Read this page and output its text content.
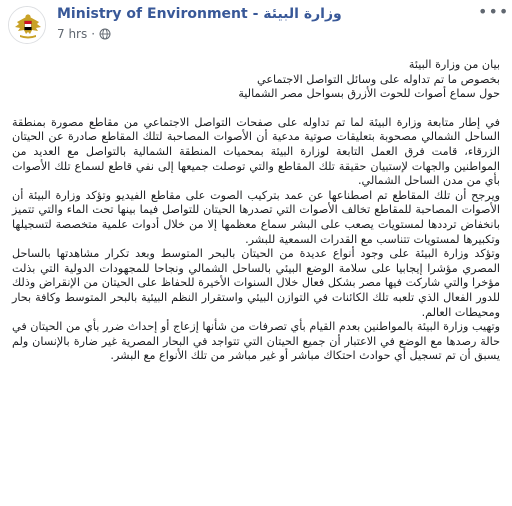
Ministry of Environment - وزارة البيئة
7 hrs ·
•••

بيان من وزارة البيئة

بخصوص ما تم تداوله على وسائل التواصل الاجتماعي

حول سماع أصوات للحوت الأزرق بسواحل مصر الشمالية

في إطار متابعة وزارة البيئة لما تم تداوله على صفحات التواصل الاجتماعي من مقاطع مصورة بمنطقة الساحل الشمالي مصحوبة بتعليقات صوتية مدعية أن الأصوات المصاحبة لتلك المقاطع صادرة عن الحيتان الزرقاء، قامت فرق العمل التابعة لوزارة البيئة بمحميات المنطقة الشمالية بالتواصل مع العديد من المواطنين والجهات لإستبيان حقيقة تلك المقاطع والتي توصلت جميعها إلى نفي قاطع لسماع تلك الأصوات بأي من مدن الساحل الشمالي.

ويرجح أن تلك المقاطع تم اصطناعها عن عمد بتركيب الصوت على مقاطع الفيديو وتؤكد وزارة البيئة أن الأصوات المصاحبة للمقاطع تخالف الأصوات التي تصدرها الحيتان للتواصل فيما بينها تحت الماء والتي تتميز بانخفاض ترددها لمستويات يصعب على البشر سماع معظمها إلا من خلال أدوات علمية متخصصة لتسجيلها وتكبيرها لمستويات تتناسب مع القدرات السمعية للبشر.

وتؤكد وزارة البيئة على وجود أنواع عديدة من الحيتان بالبحر المتوسط وبعد تكرار مشاهدتها بالساحل المصري مؤشرا إيجابيا على سلامة الوضع البيئي بالساحل الشمالي ونجاحا للمجهودات الدولية التي بذلت مؤخرا والتي شاركت فيها مصر بشكل فعال خلال السنوات الأخيرة للحفاظ على الحيتان من الإنقراض وذلك للدور الفعال الذي تلعبه تلك الكائنات في التوازن البيئي واستقرار النظم البيئية بالبحر المتوسط وكافة بحار ومحيطات العالم.

وتهيب وزارة البيئة بالمواطنين بعدم القيام بأي تصرفات من شأنها إزعاج أو إحداث ضرر بأي من الحيتان في حالة رصدها مع الوضع في الاعتبار أن جميع الحيتان التي تتواجد في البحار المصرية غير ضارة بالإنسان ولم يسبق أن تم تسجيل أي حوادث احتكاك مباشر أو غير مباشر من تلك الأنواع مع البشر.
